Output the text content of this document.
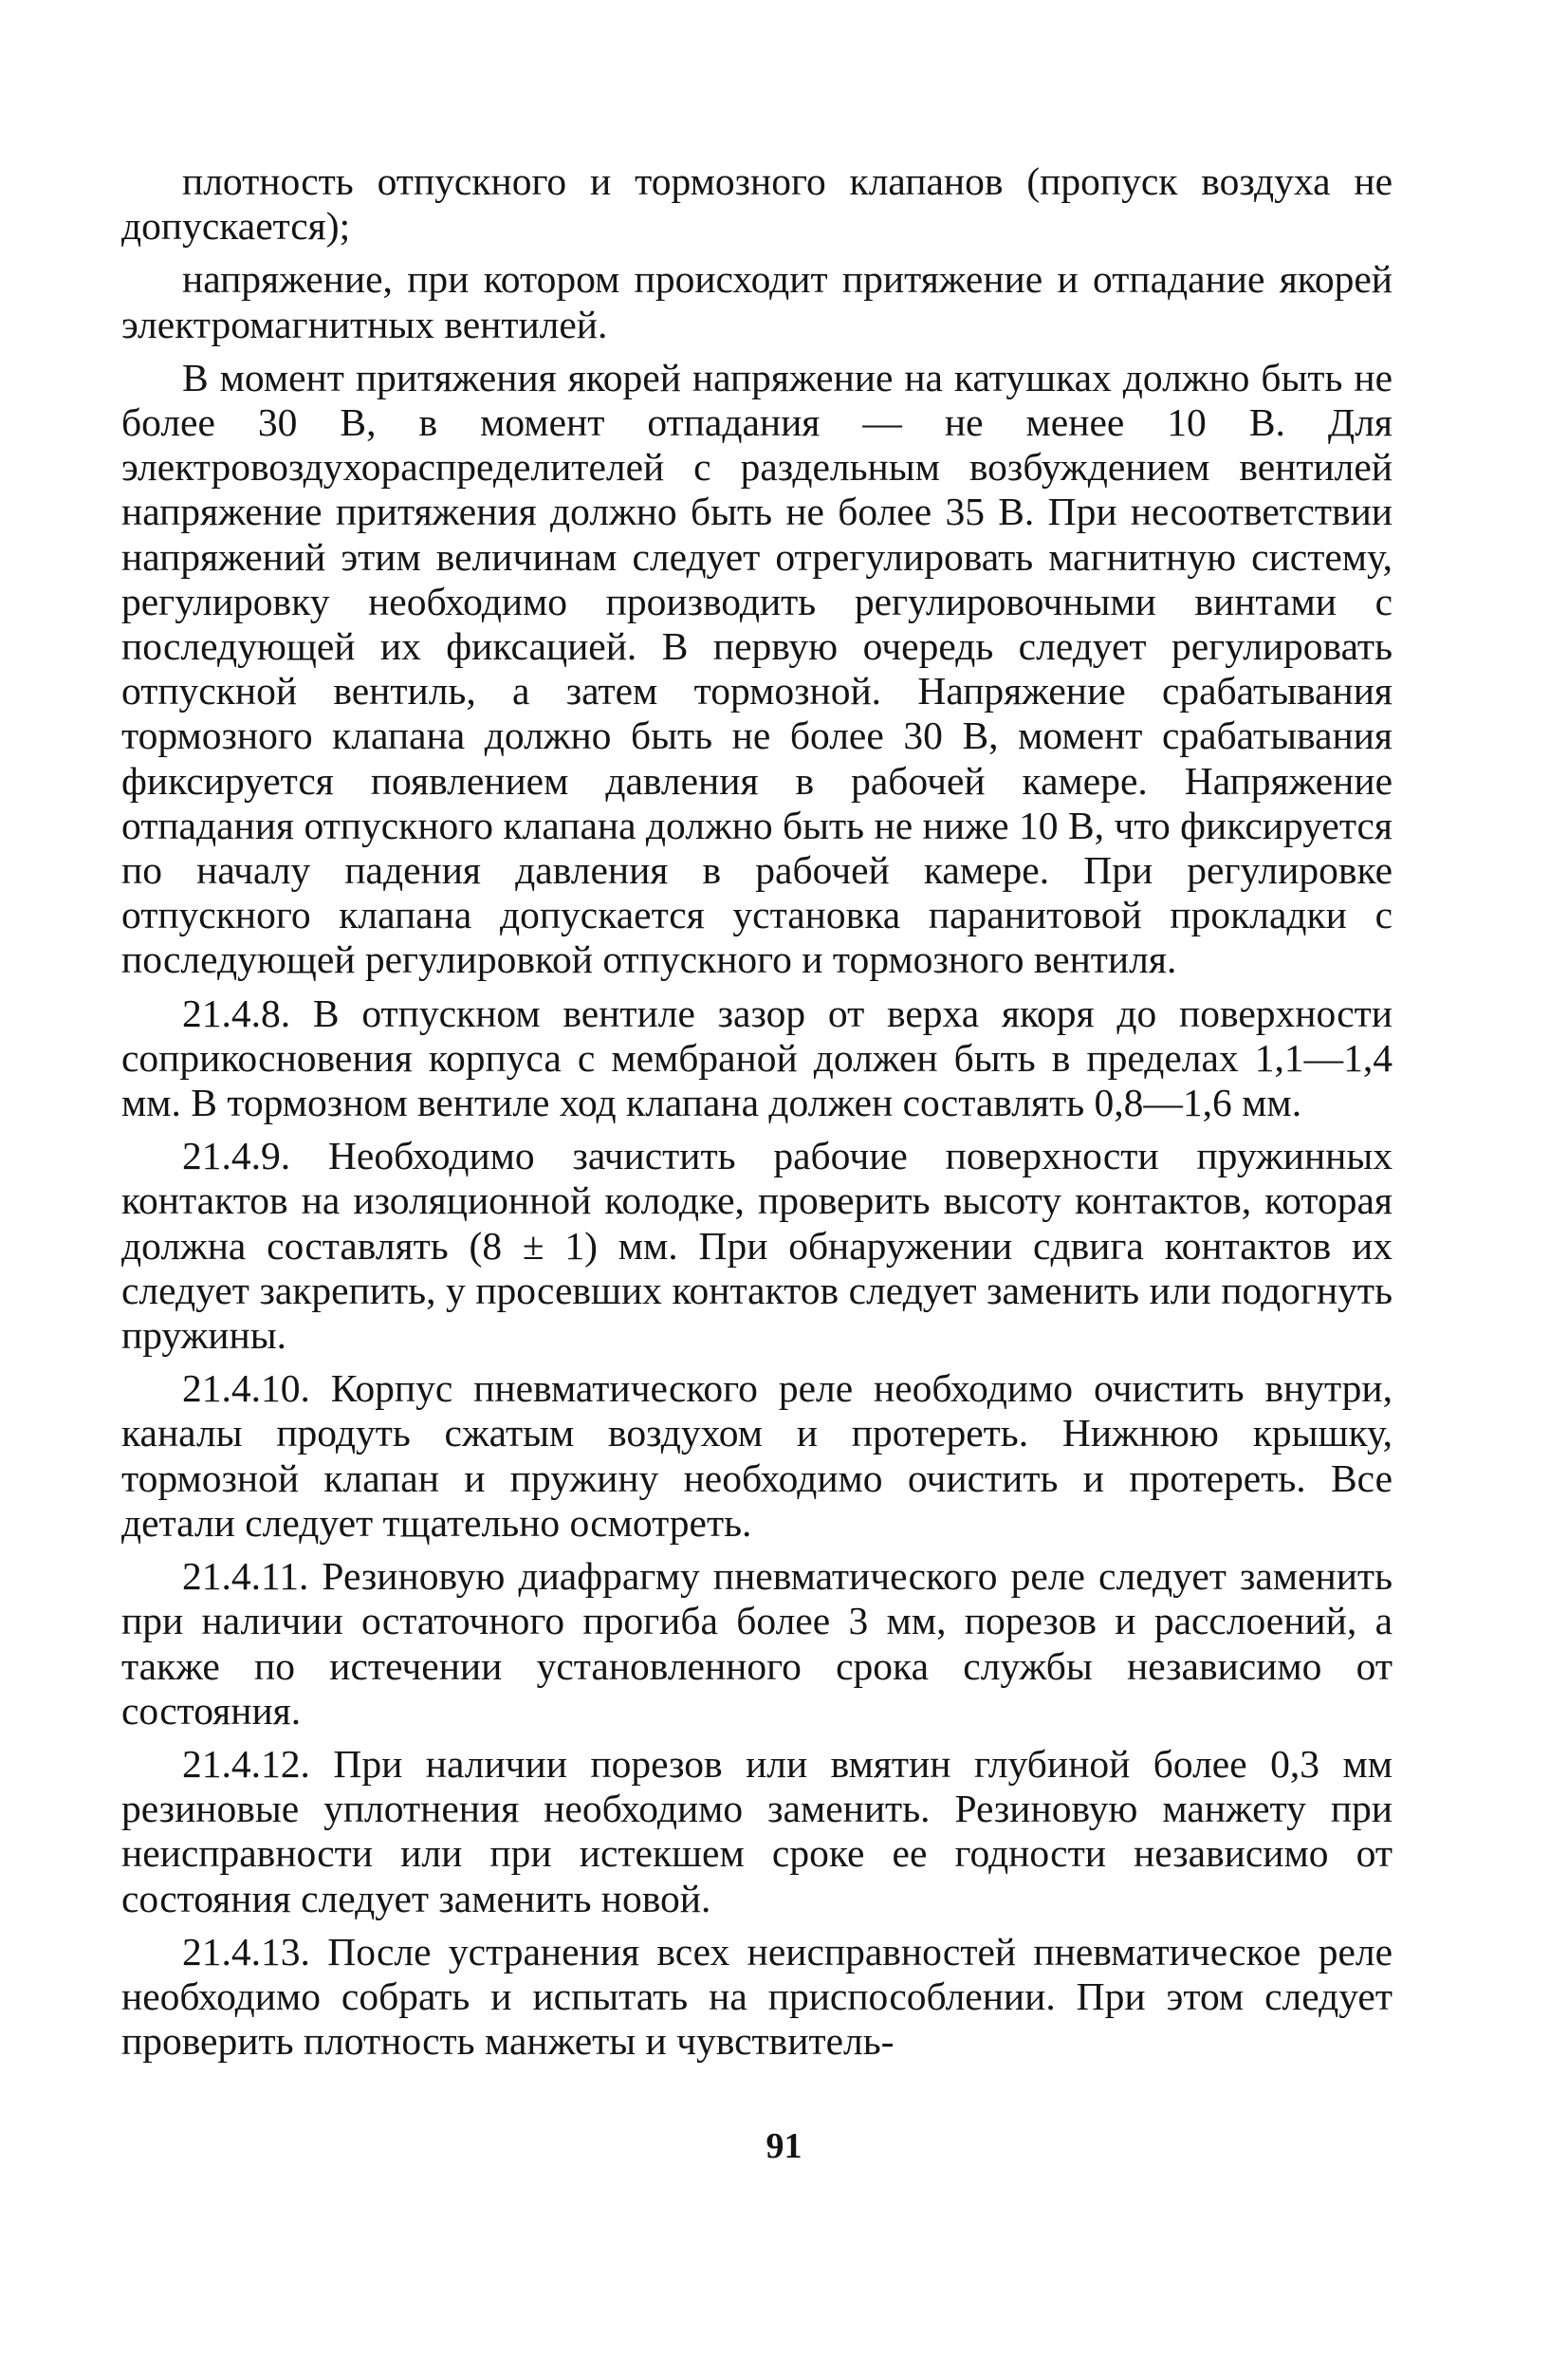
плотность отпускного и тормозного клапанов (пропуск воздуха не допускается);

напряжение, при котором происходит притяжение и отпадание якорей электромагнитных вентилей.

В момент притяжения якорей напряжение на катушках должно быть не более 30 В, в момент отпадания — не менее 10 В. Для электровоздухораспределителей с раздельным возбуждением вентилей напряжение притяжения должно быть не более 35 В. При несоответствии напряжений этим величинам следует отрегулировать магнитную систему, регулировку необходимо производить регулировочными винтами с последующей их фиксацией. В первую очередь следует регулировать отпускной вентиль, а затем тормозной. Напряжение срабатывания тормозного клапана должно быть не более 30 В, момент срабатывания фиксируется появлением давления в рабочей камере. Напряжение отпадания отпускного клапана должно быть не ниже 10 В, что фиксируется по началу падения давления в рабочей камере. При регулировке отпускного клапана допускается установка паранитовой прокладки с последующей регулировкой отпускного и тормозного вентиля.

21.4.8. В отпускном вентиле зазор от верха якоря до поверхности соприкосновения корпуса с мембраной должен быть в пределах 1,1—1,4 мм. В тормозном вентиле ход клапана должен составлять 0,8—1,6 мм.

21.4.9. Необходимо зачистить рабочие поверхности пружинных контактов на изоляционной колодке, проверить высоту контактов, которая должна составлять (8 ± 1) мм. При обнаружении сдвига контактов их следует закрепить, у просевших контактов следует заменить или подогнуть пружины.

21.4.10. Корпус пневматического реле необходимо очистить внутри, каналы продуть сжатым воздухом и протереть. Нижнюю крышку, тормозной клапан и пружину необходимо очистить и протереть. Все детали следует тщательно осмотреть.

21.4.11. Резиновую диафрагму пневматического реле следует заменить при наличии остаточного прогиба более 3 мм, порезов и расслоений, а также по истечении установленного срока службы независимо от состояния.

21.4.12. При наличии порезов или вмятин глубиной более 0,3 мм резиновые уплотнения необходимо заменить. Резиновую манжету при неисправности или при истекшем сроке ее годности независимо от состояния следует заменить новой.

21.4.13. После устранения всех неисправностей пневматическое реле необходимо собрать и испытать на приспособлении. При этом следует проверить плотность манжеты и чувствитель-

91
